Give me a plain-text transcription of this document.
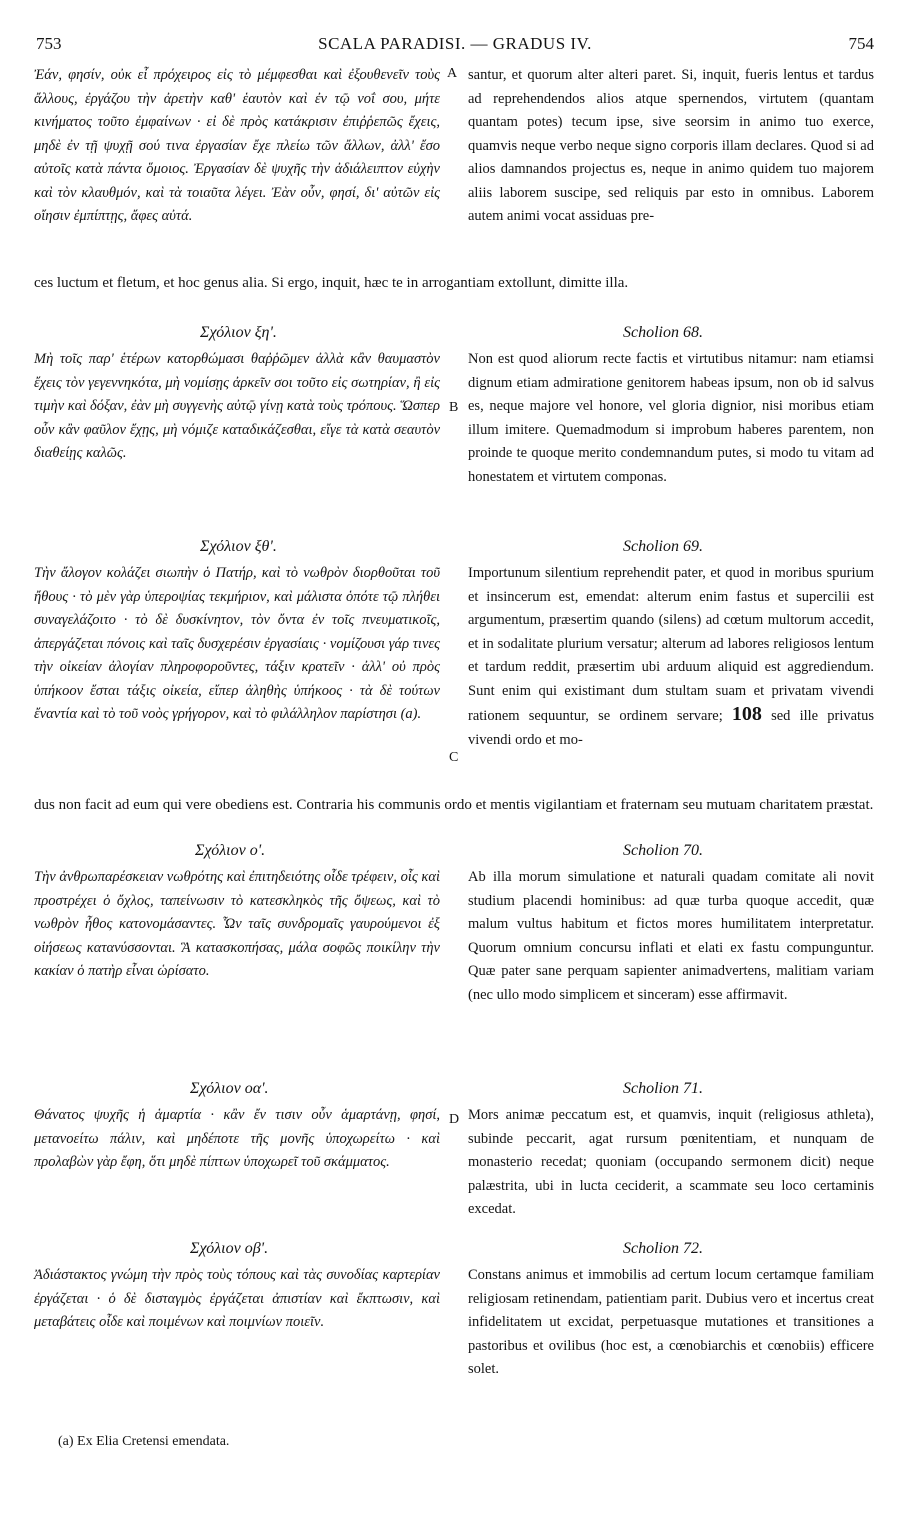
753	SCALA PARADISI. — GRADUS IV.	754
A
B
C
D

Ἐάν, φησίν, οὐκ εἶ πρόχειρος εἰς τὸ μέμφεσθαι καὶ ἐξουθενεῖν τοὺς ἄλλους, ἐργάζου τὴν ἀρετὴν καθ' ἑαυτὸν καὶ ἐν τῷ νοΐ σου, μήτε κινήματος τοῦτο ἐμφαίνων · εἰ δὲ πρὸς κατάκρισιν ἐπιῤῥεπῶς ἔχεις, μηδὲ ἐν τῇ ψυχῇ σού τινα ἐργασίαν ἔχε πλείω τῶν ἄλλων, ἀλλ' ἔσο αὐτοῖς κατὰ πάντα ὅμοιος. Ἐργασίαν δὲ ψυχῆς τὴν ἀδιάλειπτον εὐχὴν καὶ τὸν κλαυθμόν, καὶ τὰ τοιαῦτα λέγει. Ἐὰν οὖν, φησί, δι' αὐτῶν εἰς οἴησιν ἐμπίπτῃς, ἄφες αὐτά.

Σχόλιον ξη'.

Μὴ τοῖς παρ' ἑτέρων κατορθώμασι θαῤῥῶμεν ἀλλὰ κἂν θαυμαστὸν ἔχεις τὸν γεγεννηκότα, μὴ νομίσῃς ἀρκεῖν σοι τοῦτο εἰς σωτηρίαν, ἢ εἰς τιμὴν καὶ δόξαν, ἐὰν μὴ συγγενὴς αὐτῷ γίνῃ κατὰ τοὺς τρόπους. Ὥσπερ οὖν κἂν φαῦλον ἔχῃς, μὴ νόμιζε καταδικάζεσθαι, εἴγε τὰ κατὰ σεαυτὸν διαθείῃς καλῶς.

Σχόλιον ξθ'.

Τὴν ἄλογον κολάζει σιωπὴν ὁ Πατήρ, καὶ τὸ νωθρὸν διορθοῦται τοῦ ἤθους · τὸ μὲν γὰρ ὑπεροψίας τεκμήριον, καὶ μάλιστα ὁπότε τῷ πλήθει συναγελάζοιτο · τὸ δὲ δυσκίνητον, τὸν ὄντα ἐν τοῖς πνευματικοῖς, ἀπεργάζεται πόνοις καὶ ταῖς δυσχερέσιν ἐργασίαις · νομίζουσι γάρ τινες τὴν οἰκείαν ἀλογίαν πληροφοροῦντες, τάξιν κρατεῖν · ἀλλ' οὐ πρὸς ὑπήκοον ἔσται τάξις οἰκεία, εἴπερ ἀληθὴς ὑπήκοος · τὰ δὲ τούτων ἔναντία καὶ τὸ τοῦ νοὸς γρήγορον, καὶ τὸ φιλάλληλον παρίστησι (a).

Σχόλιον ο'.

Τὴν ἀνθρωπαρέσκειαν νωθρότης καὶ ἐπιτηδειότης οἶδε τρέφειν, οἷς καὶ προστρέχει ὁ ὄχλος, ταπείνωσιν τὸ κατεσκληκὸς τῆς ὄψεως, καὶ τὸ νωθρὸν ἦθος κατονομάσαντες. Ὧν ταῖς συνδρομαῖς γαυρούμενοι ἐξ οἰήσεως κατανύσσονται. Ἃ κατασκοπήσας, μάλα σοφῶς ποικίλην τὴν κακίαν ὁ πατὴρ εἶναι ὡρίσατο.

Σχόλιον οα'.

Θάνατος ψυχῆς ἡ ἁμαρτία · κἂν ἔν τισιν οὖν ἁμαρτάνῃ, φησί, μετανοείτω πάλιν, καὶ μηδέποτε τῆς μονῆς ὑποχωρείτω · καὶ προλαβὼν γὰρ ἔφη, ὅτι μηδὲ πίπτων ὑποχωρεῖ τοῦ σκάμματος.

Σχόλιον οβ'.

Ἀδιάστακτος γνώμη τὴν πρὸς τοὺς τόπους καὶ τὰς συνοδίας καρτερίαν ἐργάζεται · ὁ δὲ δισταγμὸς ἐργάζεται ἀπιστίαν καὶ ἔκπτωσιν, καὶ μεταβάτεις οἶδε καὶ ποιμένων καὶ ποιμνίων ποιεῖν.

santur, et quorum alter alteri paret. Si, inquit, fueris lentus et tardus ad reprehendendos alios atque spernendos, virtutem (quantam quantam potes) tecum ipse, sive seorsim in animo tuo exerce, quamvis neque verbo neque signo corporis illam declares. Quod si ad alios damnandos projectus es, neque in animo quidem tuo majorem aliis laborem suscipe, sed reliquis par esto in omnibus. Laborem autem animi vocat assiduas pre-

Scholion 68.

Non est quod aliorum recte factis et virtutibus nitamur: nam etiamsi dignum etiam admiratione genitorem habeas ipsum, non ob id salvus es, neque majore vel honore, vel gloria dignior, nisi moribus etiam illum imitere. Quemadmodum si improbum haberes parentem, non proinde te quoque merito condemnandum putes, si modo tu vitam ad honestatem et virtutem componas.

Scholion 69.

Importunum silentium reprehendit pater, et quod in moribus spurium et insincerum est, emendat: alterum enim fastus et supercilii est argumentum, præsertim quando (silens) ad cœtum multorum accedit, et in sodalitate plurium versatur; alterum ad labores religiosos lentum et tardum reddit, præsertim ubi arduum aliquid est aggrediendum. Sunt enim qui existimant dum stultam suam et privatam vivendi rationem sequuntur, se ordinem servare; 108 sed ille privatus vivendi ordo et mo-

Scholion 70.

Ab illa morum simulatione et naturali quadam comitate ali novit studium placendi hominibus: ad quæ turba quoque accedit, quæ malum vultus habitum et fictos mores humilitatem interpretatur. Quorum omnium concursu inflati et elati ex fastu compunguntur. Quæ pater sane perquam sapienter animadvertens, malitiam variam (nec ullo modo simplicem et sinceram) esse affirmavit.

Scholion 71.

Mors animæ peccatum est, et quamvis, inquit (religiosus athleta), subinde peccarit, agat rursum pœnitentiam, et nunquam de monasterio recedat; quoniam (occupando sermonem dicit) neque palæstrita, ubi in lucta ceciderit, a scammate seu loco certaminis excedat.

Scholion 72.

Constans animus et immobilis ad certum locum certamque familiam religiosam retinendam, patientiam parit. Dubius vero et incertus creat infidelitatem ut excidat, perpetuasque mutationes et transitiones a pastoribus et ovilibus (hoc est, a cœnobiarchis et cœnobiis) efficere solet.

ces luctum et fletum, et hoc genus alia. Si ergo, inquit, hæc te in arrogantiam extollunt, dimitte illa.

dus non facit ad eum qui vere obediens est. Contraria his communis ordo et mentis vigilantiam et fraternam seu mutuam charitatem præstat.

(a) Ex Elia Cretensi emendata.
